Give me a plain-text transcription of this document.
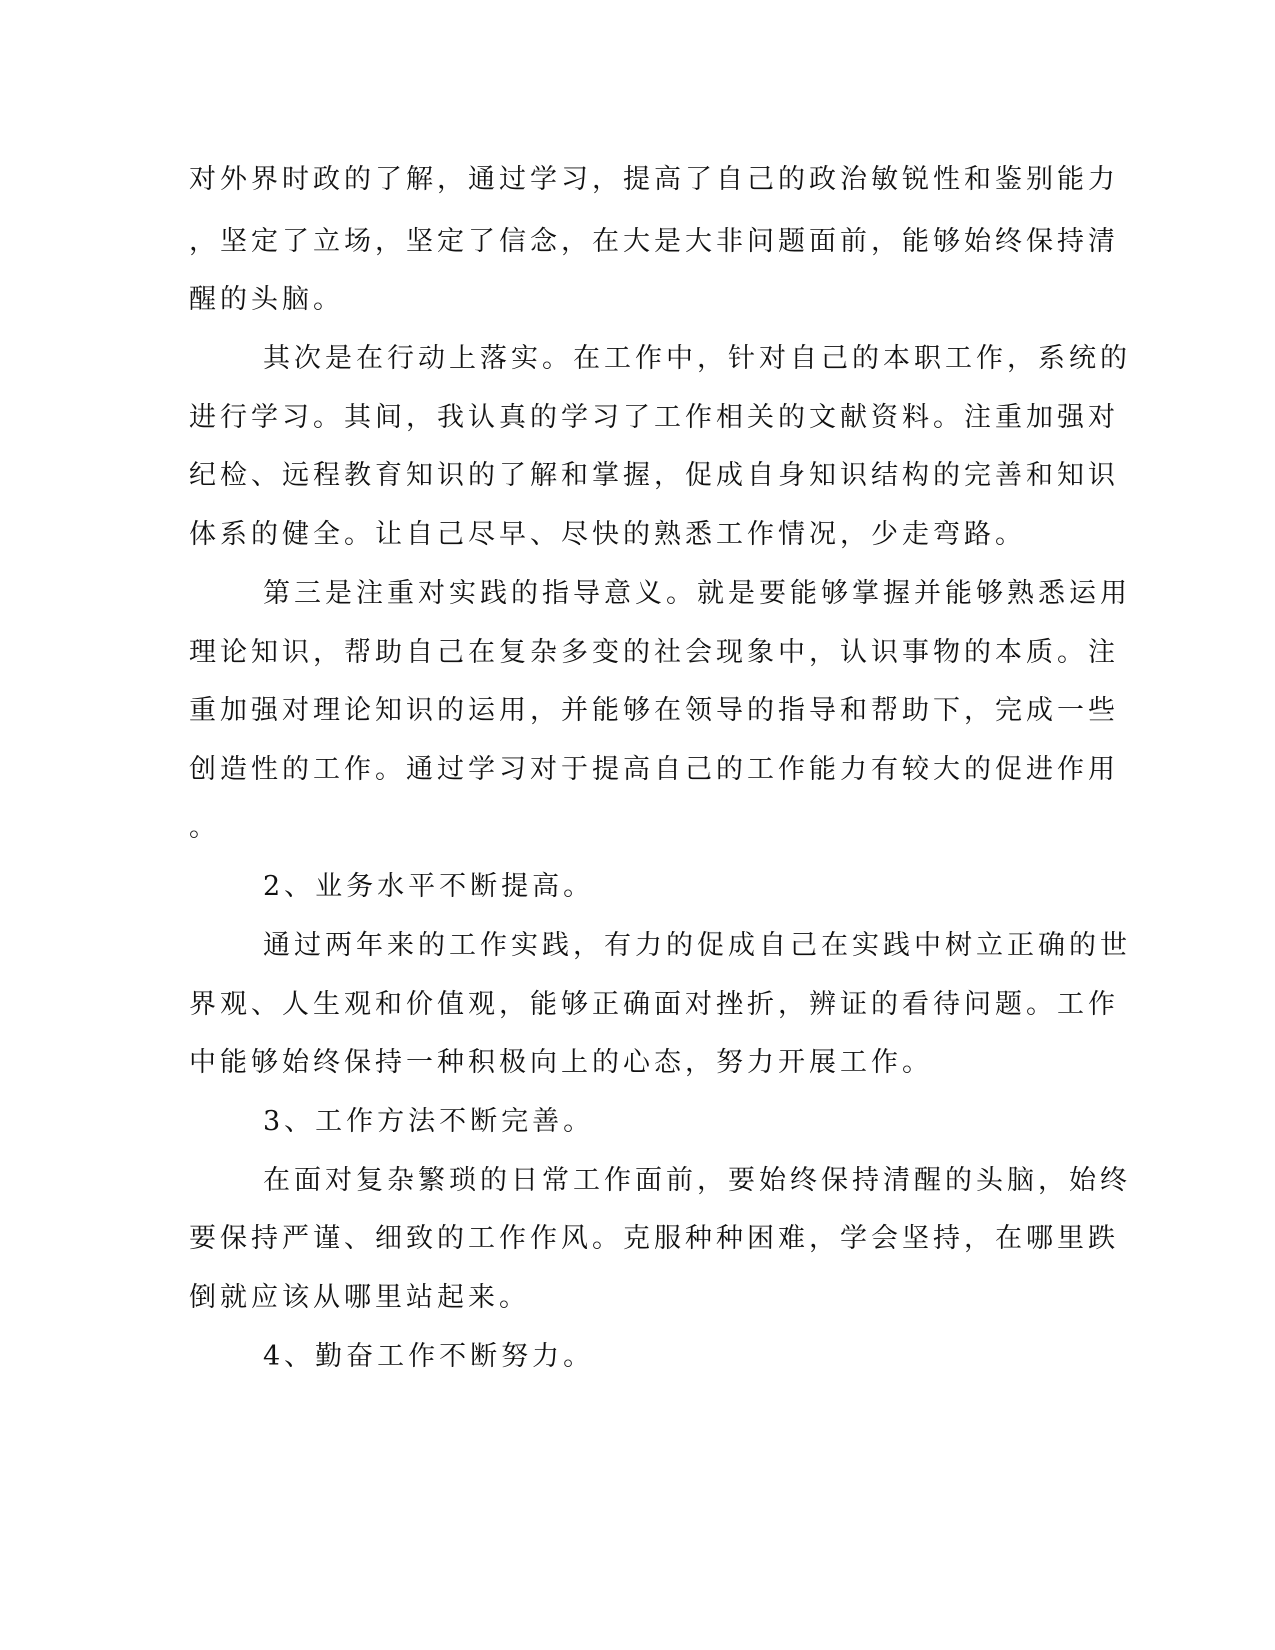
对外界时政的了解，通过学习，提高了自己的政治敏锐性和鉴别能力
，坚定了立场，坚定了信念，在大是大非问题面前，能够始终保持清
醒的头脑。
其次是在行动上落实。在工作中，针对自己的本职工作，系统的
进行学习。其间，我认真的学习了工作相关的文献资料。注重加强对
纪检、远程教育知识的了解和掌握，促成自身知识结构的完善和知识
体系的健全。让自己尽早、尽快的熟悉工作情况，少走弯路。
第三是注重对实践的指导意义。就是要能够掌握并能够熟悉运用
理论知识，帮助自己在复杂多变的社会现象中，认识事物的本质。注
重加强对理论知识的运用，并能够在领导的指导和帮助下，完成一些
创造性的工作。通过学习对于提高自己的工作能力有较大的促进作用
。
2、业务水平不断提高。
通过两年来的工作实践，有力的促成自己在实践中树立正确的世
界观、人生观和价值观，能够正确面对挫折，辨证的看待问题。工作
中能够始终保持一种积极向上的心态，努力开展工作。
3、工作方法不断完善。
在面对复杂繁琐的日常工作面前，要始终保持清醒的头脑，始终
要保持严谨、细致的工作作风。克服种种困难，学会坚持，在哪里跌
倒就应该从哪里站起来。
4、勤奋工作不断努力。
